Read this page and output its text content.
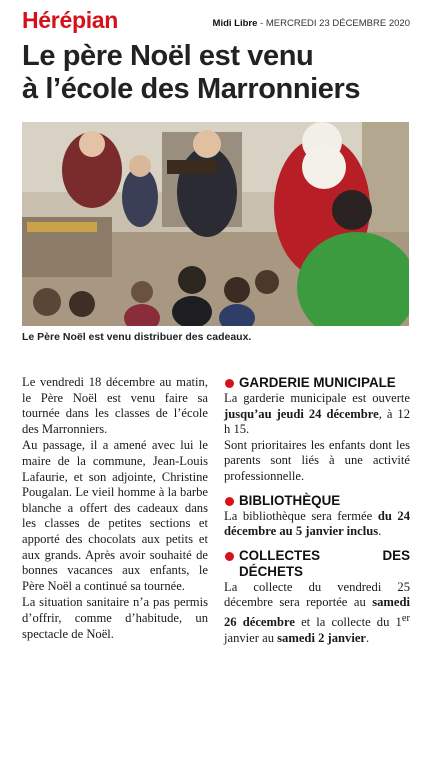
Hérépian	Midi Libre - MERCREDI 23 DÉCEMBRE 2020
Le père Noël est venu
à l’école des Marronniers
Le Père Noël est venu distribuer des cadeaux.

Le vendredi 18 décembre au matin, le Père Noël est venu faire sa tournée dans les classes de l’école des Marronniers.

Au passage, il a amené avec lui le maire de la commune, Jean-Louis Lafaurie, et son adjointe, Christine Pougalan. Le vieil homme à la barbe blanche a offert des cadeaux dans les classes de petites sections et apporté des chocolats aux petits et aux grands. Après avoir souhaité de bonnes vacances aux enfants, le Père Noël a continué sa tournée.

La situation sanitaire n’a pas permis d’offrir, comme d’habitude, un spectacle de Noël.

GARDERIE MUNICIPALE
La garderie municipale est ouverte jusqu’au jeudi 24 décembre, à 12 h 15.
Sont prioritaires les enfants dont les parents sont liés à une activité professionnelle.
BIBLIOTHÈQUE
La bibliothèque sera fermée du 24 décembre au 5 janvier inclus.
COLLECTES DES DÉCHETS
La collecte du vendredi 25 décembre sera reportée au samedi 26 décembre et la collecte du 1er janvier au samedi 2 janvier.
